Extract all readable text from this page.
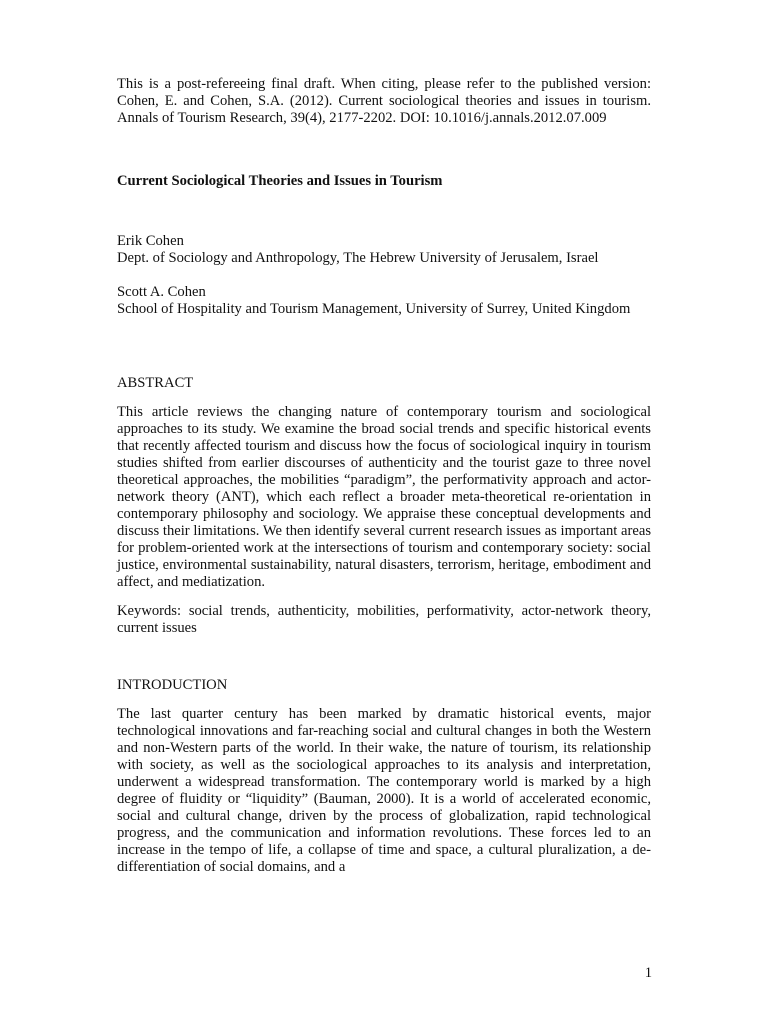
This is a post-refereeing final draft. When citing, please refer to the published version: Cohen, E. and Cohen, S.A. (2012). Current sociological theories and issues in tourism. Annals of Tourism Research, 39(4), 2177-2202. DOI: 10.1016/j.annals.2012.07.009

Current Sociological Theories and Issues in Tourism

Erik Cohen
Dept. of Sociology and Anthropology, The Hebrew University of Jerusalem, Israel
Scott A. Cohen
School of Hospitality and Tourism Management, University of Surrey, United Kingdom

ABSTRACT

This article reviews the changing nature of contemporary tourism and sociological approaches to its study. We examine the broad social trends and specific historical events that recently affected tourism and discuss how the focus of sociological inquiry in tourism studies shifted from earlier discourses of authenticity and the tourist gaze to three novel theoretical approaches, the mobilities “paradigm”, the performativity approach and actor-network theory (ANT), which each reflect a broader meta-theoretical re-orientation in contemporary philosophy and sociology. We appraise these conceptual developments and discuss their limitations. We then identify several current research issues as important areas for problem-oriented work at the intersections of tourism and contemporary society: social justice, environmental sustainability, natural disasters, terrorism, heritage, embodiment and affect, and mediatization.

Keywords: social trends, authenticity, mobilities, performativity, actor-network theory, current issues

INTRODUCTION

The last quarter century has been marked by dramatic historical events, major technological innovations and far-reaching social and cultural changes in both the Western and non-Western parts of the world. In their wake, the nature of tourism, its relationship with society, as well as the sociological approaches to its analysis and interpretation, underwent a widespread transformation. The contemporary world is marked by a high degree of fluidity or “liquidity” (Bauman, 2000). It is a world of accelerated economic, social and cultural change, driven by the process of globalization, rapid technological progress, and the communication and information revolutions. These forces led to an increase in the tempo of life, a collapse of time and space, a cultural pluralization, a de-differentiation of social domains, and a

1
